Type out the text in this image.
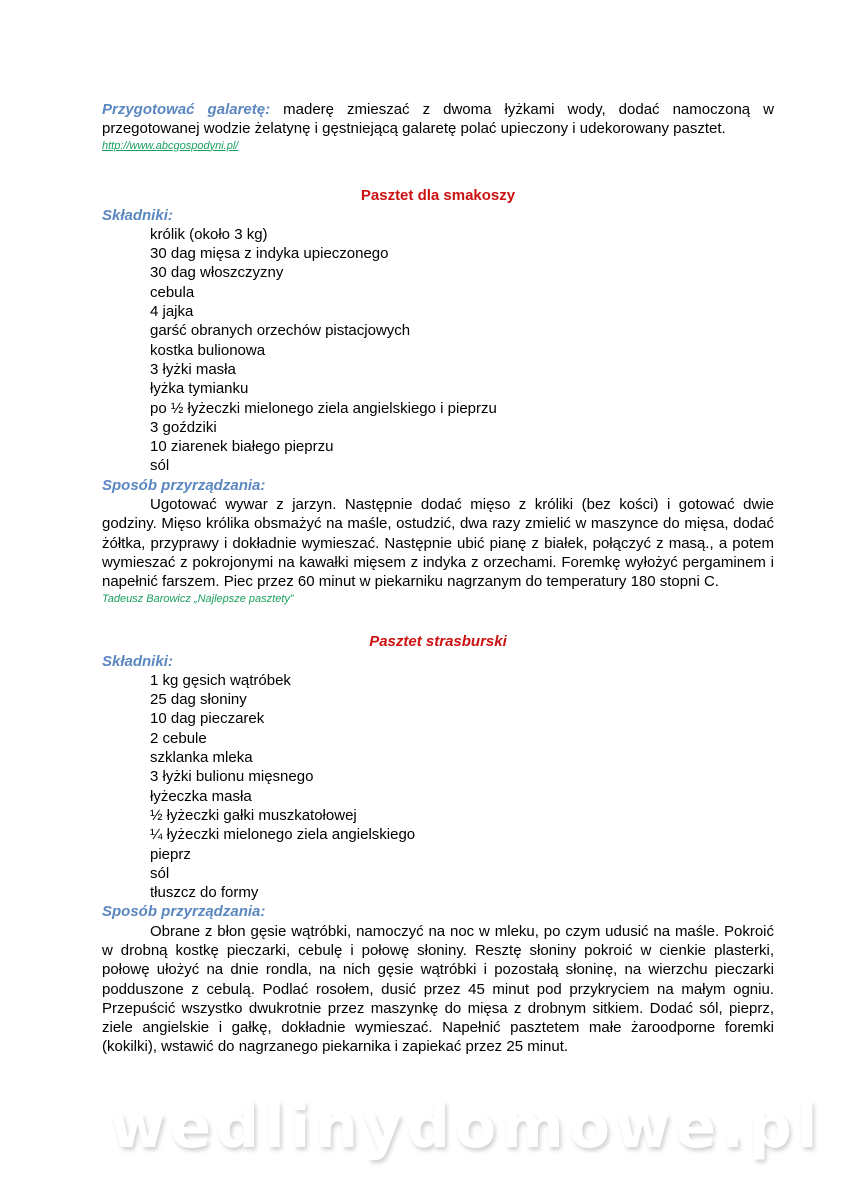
Przygotować galaretę: maderę zmieszać z dwoma łyżkami wody, dodać namoczoną w przegotowanej wodzie żelatynę i gęstniejącą galaretę polać upieczony i udekorowany pasztet.

http://www.abcgospodyni.pl/
Pasztet dla smakoszy
Składniki:
królik (około 3 kg)
30 dag mięsa z indyka upieczonego
30 dag włoszczyzny
cebula
4 jajka
garść obranych orzechów pistacjowych
kostka bulionowa
3 łyżki masła
łyżka tymianku
po ½ łyżeczki mielonego ziela angielskiego i pieprzu
3 goździki
10 ziarenek białego pieprzu
sól
Sposób przyrządzania:

Ugotować wywar z jarzyn. Następnie dodać mięso z króliki (bez kości) i gotować dwie godziny. Mięso królika obsmażyć na maśle, ostudzić, dwa razy zmielić w maszynce do mięsa, dodać żółtka, przyprawy i dokładnie wymieszać. Następnie ubić pianę z białek, połączyć z masą., a potem wymieszać z pokrojonymi na kawałki mięsem z indyka z orzechami. Foremkę wyłożyć pergaminem i napełnić farszem. Piec przez 60 minut w piekarniku nagrzanym do temperatury 180 stopni C.

Tadeusz Barowicz „Najlepsze pasztety”
Pasztet strasburski
Składniki:
1 kg gęsich wątróbek
25 dag słoniny
10 dag pieczarek
2 cebule
szklanka mleka
3 łyżki bulionu mięsnego
łyżeczka masła
½ łyżeczki gałki muszkatołowej
¼ łyżeczki mielonego ziela angielskiego
pieprz
sól
tłuszcz do formy
Sposób przyrządzania:

Obrane z błon gęsie wątróbki, namoczyć na noc w mleku, po czym udusić na maśle. Pokroić w drobną kostkę pieczarki, cebulę i połowę słoniny. Resztę słoniny pokroić w cienkie plasterki, połowę ułożyć na dnie rondla, na nich gęsie wątróbki i pozostałą słoninę, na wierzchu pieczarki podduszone z cebulą. Podlać rosołem, dusić przez 45 minut pod przykryciem na małym ogniu. Przepuścić wszystko dwukrotnie przez maszynkę do mięsa z drobnym sitkiem. Dodać sól, pieprz, ziele angielskie i gałkę, dokładnie wymieszać. Napełnić pasztetem małe żaroodporne foremki (kokilki), wstawić do nagrzanego piekarnika i zapiekać przez 25 minut.

wedlinydomowe.pl
